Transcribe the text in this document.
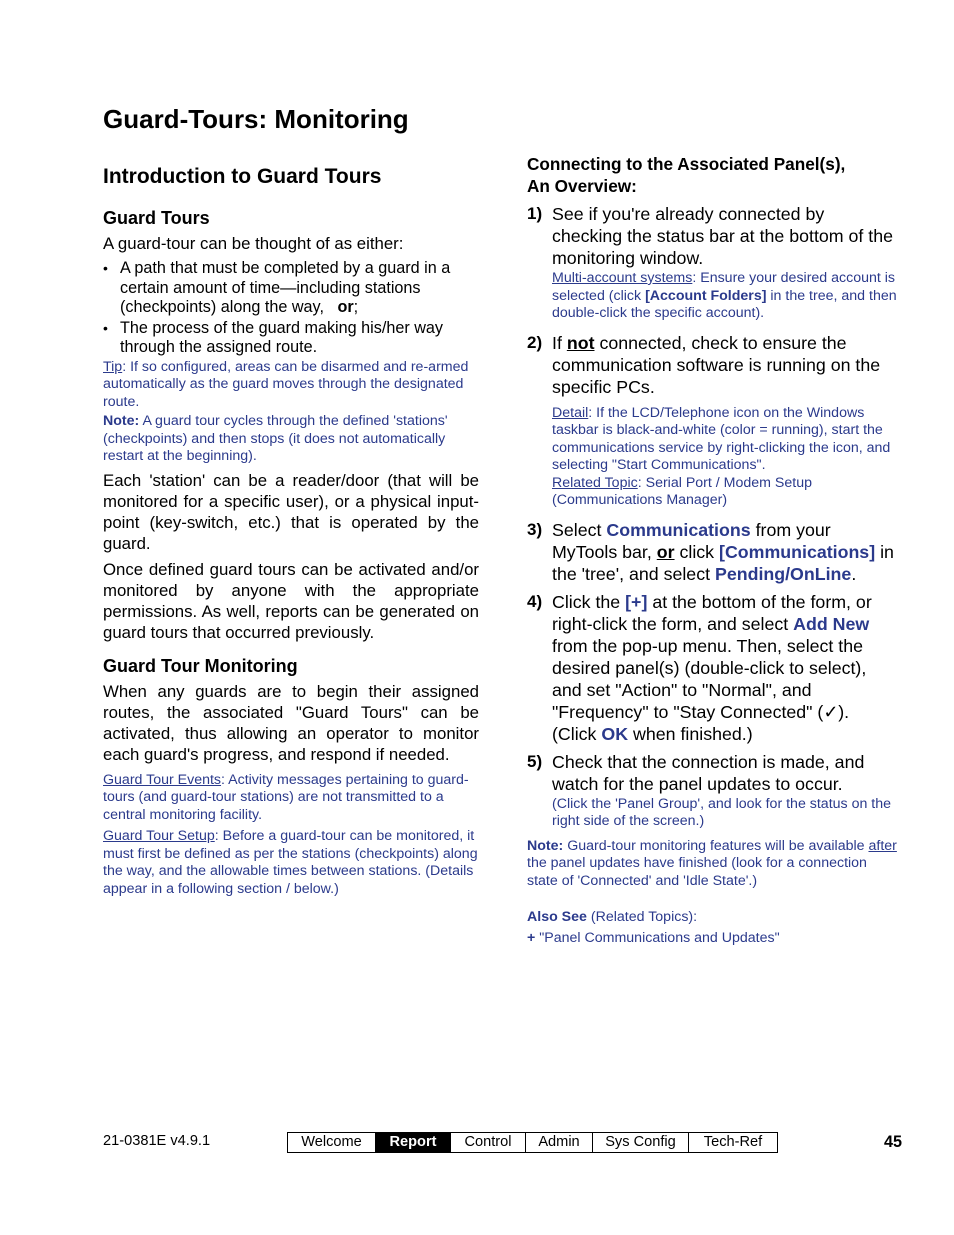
Guard-Tours: Monitoring
Introduction to Guard Tours
Guard Tours

A guard-tour can be thought of as either:

• A path that must be completed by a guard in a certain amount of time—including stations (checkpoints) along the way, or;
• The process of the guard making his/her way through the assigned route.

Tip: If so configured, areas can be disarmed and re-armed automatically as the guard moves through the designated route.

Note: A guard tour cycles through the defined 'stations' (checkpoints) and then stops (it does not automatically restart at the beginning).

Each 'station' can be a reader/door (that will be monitored for a specific user), or a physical input-point (key-switch, etc.) that is operated by the guard.

Once defined guard tours can be activated and/or monitored by anyone with the appropriate permissions. As well, reports can be generated on guard tours that occurred previously.

Guard Tour Monitoring

When any guards are to begin their assigned routes, the associated "Guard Tours" can be activated, thus allowing an operator to monitor each guard's progress, and respond if needed.

Guard Tour Events: Activity messages pertaining to guard-tours (and guard-tour stations) are not transmitted to a central monitoring facility.

Guard Tour Setup: Before a guard-tour can be monitored, it must first be defined as per the stations (checkpoints) along the way, and the allowable times between stations. (Details appear in a following section / below.)

Connecting to the Associated Panel(s),
An Overview:
1) See if you're already connected by checking the status bar at the bottom of the monitoring window.

Multi-account systems: Ensure your desired account is selected (click [Account Folders] in the tree, and then double-click the specific account).

2) If not connected, check to ensure the communication software is running on the specific PCs.

Detail: If the LCD/Telephone icon on the Windows taskbar is black-and-white (color = running), start the communications service by right-clicking the icon, and selecting "Start Communications".

Related Topic: Serial Port / Modem Setup (Communications Manager)

3) Select Communications from your MyTools bar, or click [Communications] in the 'tree', and select Pending/OnLine.

4) Click the [+] at the bottom of the form, or right-click the form, and select Add New from the pop-up menu. Then, select the desired panel(s) (double-click to select), and set "Action" to "Normal", and "Frequency" to "Stay Connected" (✓). (Click OK when finished.)

5) Check that the connection is made, and watch for the panel updates to occur.

(Click the 'Panel Group', and look for the status on the right side of the screen.)

Note: Guard-tour monitoring features will be available after the panel updates have finished (look for a connection state of 'Connected' and 'Idle State'.)

Also See (Related Topics):

+ "Panel Communications and Updates"

21-0381E v4.9.1	Welcome	Report	Control	Admin	Sys Config	Tech-Ref	45
